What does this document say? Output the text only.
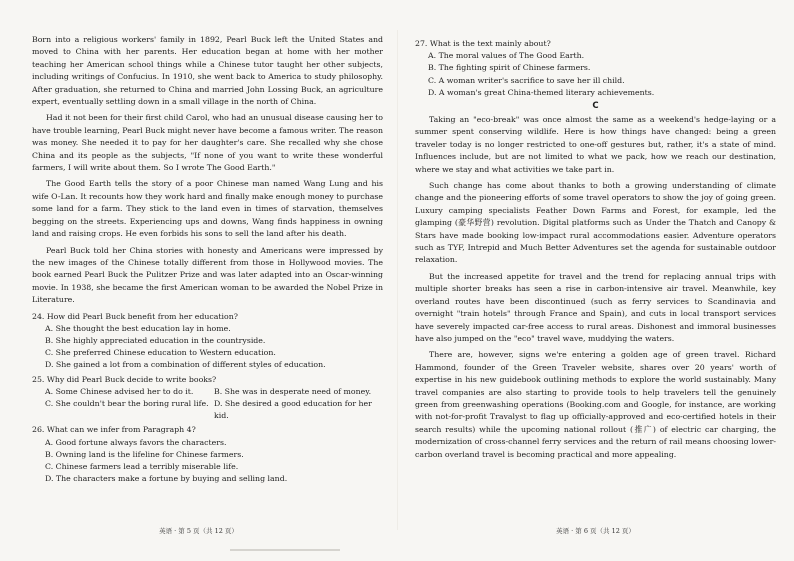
Born into a religious workers' family in 1892, Pearl Buck left the United States and moved to China with her parents. Her education began at home with her mother teaching her American school things while a Chinese tutor taught her other subjects, including writings of Confucius. In 1910, she went back to America to study philosophy. After graduation, she returned to China and married John Lossing Buck, an agriculture expert, eventually settling down in a small village in the north of China.

Had it not been for their first child Carol, who had an unusual disease causing her to have trouble learning, Pearl Buck might never have become a famous writer. The reason was money. She needed it to pay for her daughter's care. She recalled why she chose China and its people as the subjects, "If none of you want to write these wonderful farmers, I will write about them. So I wrote The Good Earth."

The Good Earth tells the story of a poor Chinese man named Wang Lung and his wife O-Lan. It recounts how they work hard and finally make enough money to purchase some land for a farm. They stick to the land even in times of starvation, themselves begging on the streets. Experiencing ups and downs, Wang finds happiness in owning land and raising crops. He even forbids his sons to sell the land after his death.

Pearl Buck told her China stories with honesty and Americans were impressed by the new images of the Chinese totally different from those in Hollywood movies. The book earned Pearl Buck the Pulitzer Prize and was later adapted into an Oscar-winning movie. In 1938, she became the first American woman to be awarded the Nobel Prize in Literature.

24. How did Pearl Buck benefit from her education?
A. She thought the best education lay in home.
B. She highly appreciated education in the countryside.
C. She preferred Chinese education to Western education.
D. She gained a lot from a combination of different styles of education.
25. Why did Pearl Buck decide to write books?
A. Some Chinese advised her to do it.	B. She was in desperate need of money.
C. She couldn't bear the boring rural life. D. She desired a good education for her kid.
26. What can we infer from Paragraph 4?
A. Good fortune always favors the characters.
B. Owning land is the lifeline for Chinese farmers.
C. Chinese farmers lead a terribly miserable life.
D. The characters make a fortune by buying and selling land.
英语 · 第 5 页（共 12 页）
27. What is the text mainly about?
A. The moral values of The Good Earth.
B. The fighting spirit of Chinese farmers.
C. A woman writer's sacrifice to save her ill child.
D. A woman's great China-themed literary achievements.
C

Taking an "eco-break" was once almost the same as a weekend's hedge-laying or a summer spent conserving wildlife. Here is how things have changed: being a green traveler today is no longer restricted to one-off gestures but, rather, it's a state of mind. Influences include, but are not limited to what we pack, how we reach our destination, where we stay and what activities we take part in.

Such change has come about thanks to both a growing understanding of climate change and the pioneering efforts of some travel operators to show the joy of going green. Luxury camping specialists Feather Down Farms and Forest, for example, led the glamping (豪华野营) revolution. Digital platforms such as Under the Thatch and Canopy & Stars have made booking low-impact rural accommodations easier. Adventure operators such as TYF, Intrepid and Much Better Adventures set the agenda for sustainable outdoor relaxation.

But the increased appetite for travel and the trend for replacing annual trips with multiple shorter breaks has seen a rise in carbon-intensive air travel. Meanwhile, key overland routes have been discontinued (such as ferry services to Scandinavia and overnight "train hotels" through France and Spain), and cuts in local transport services have severely impacted car-free access to rural areas. Dishonest and immoral businesses have also jumped on the "eco" travel wave, muddying the waters.

There are, however, signs we're entering a golden age of green travel. Richard Hammond, founder of the Green Traveler website, shares over 20 years' worth of expertise in his new guidebook outlining methods to explore the world sustainably. Many travel companies are also starting to provide tools to help travelers tell the genuinely green from greenwashing operations (Booking.com and Google, for instance, are working with not-for-profit Travalyst to flag up officially-approved and eco-certified hotels in their search results) while the upcoming national rollout (推广) of electric car charging, the modernization of cross-channel ferry services and the return of rail means choosing lower-carbon overland travel is becoming practical and more appealing.

英语 · 第 6 页（共 12 页）
